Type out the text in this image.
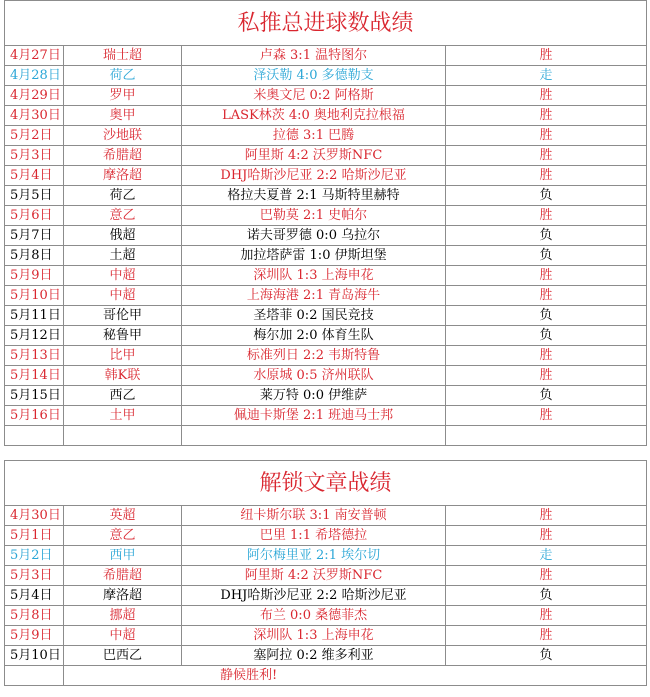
私推总进球数战绩			
4月27日	瑞士超	卢森 3:1 温特图尔	胜
4月28日	荷乙	泽沃勒 4:0 多德勒支	走
4月29日	罗甲	米奥文尼 0:2 阿格斯	胜
4月30日	奥甲	LASK林茨 4:0 奥地利克拉根福	胜
5月2日	沙地联	拉德 3:1 巴腾	胜
5月3日	希腊超	阿里斯 4:2 沃罗斯NFC	胜
5月4日	摩洛超	DHJ哈斯沙尼亚 2:2 哈斯沙尼亚	胜
5月5日	荷乙	格拉夫夏普 2:1 马斯特里赫特	负
5月6日	意乙	巴勒莫 2:1 史帕尔	胜
5月7日	俄超	诺夫哥罗德 0:0 乌拉尔	负
5月8日	土超	加拉塔萨雷 1:0 伊斯坦堡	负
5月9日	中超	深圳队 1:3 上海申花	胜
5月10日	中超	上海海港 2:1 青岛海牛	胜
5月11日	哥伦甲	圣塔菲 0:2 国民竞技	负
5月12日	秘鲁甲	梅尔加 2:0 体育生队	负
5月13日	比甲	标准列日 2:2 韦斯特鲁	胜
5月14日	韩K联	水原城 0:5 济州联队	胜
5月15日	西乙	莱万特 0:0 伊维萨	负
5月16日	土甲	佩迪卡斯堡 2:1 班迪马士邦	胜

解锁文章战绩			
4月30日	英超	纽卡斯尔联 3:1 南安普顿	胜
5月1日	意乙	巴里 1:1 希塔德拉	胜
5月2日	西甲	阿尔梅里亚 2:1 埃尔切	走
5月3日	希腊超	阿里斯 4:2 沃罗斯NFC	胜
5月4日	摩洛超	DHJ哈斯沙尼亚 2:2 哈斯沙尼亚	负
5月8日	挪超	布兰 0:0 桑德菲杰	胜
5月9日	中超	深圳队 1:3 上海申花	胜
5月10日	巴西乙	塞阿拉 0:2 维多利亚	负
	静候胜利!		
